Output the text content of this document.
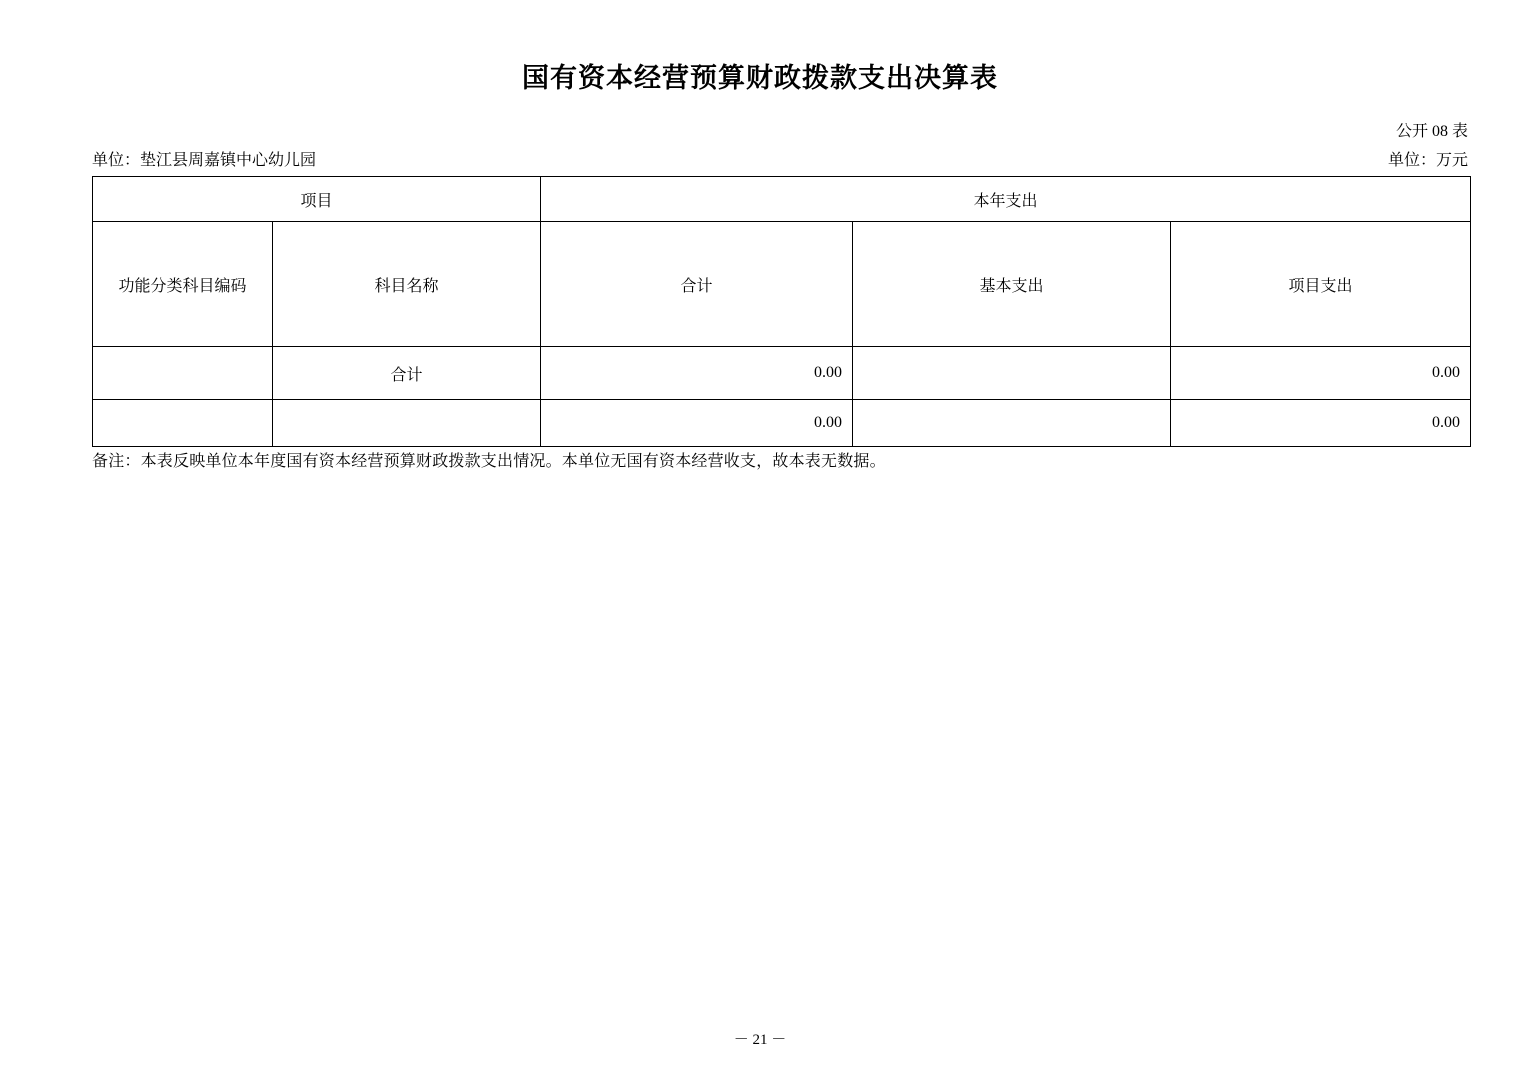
国有资本经营预算财政拨款支出决算表
公开 08 表
单位：垫江县周嘉镇中心幼儿园	单位：万元
项目		本年支出		
功能分类科目编码	科目名称	合计	基本支出	项目支出
	合计	0.00		0.00
		0.00		0.00
备注：本表反映单位本年度国有资本经营预算财政拨款支出情况。本单位无国有资本经营收支，故本表无数据。
－ 21 －
